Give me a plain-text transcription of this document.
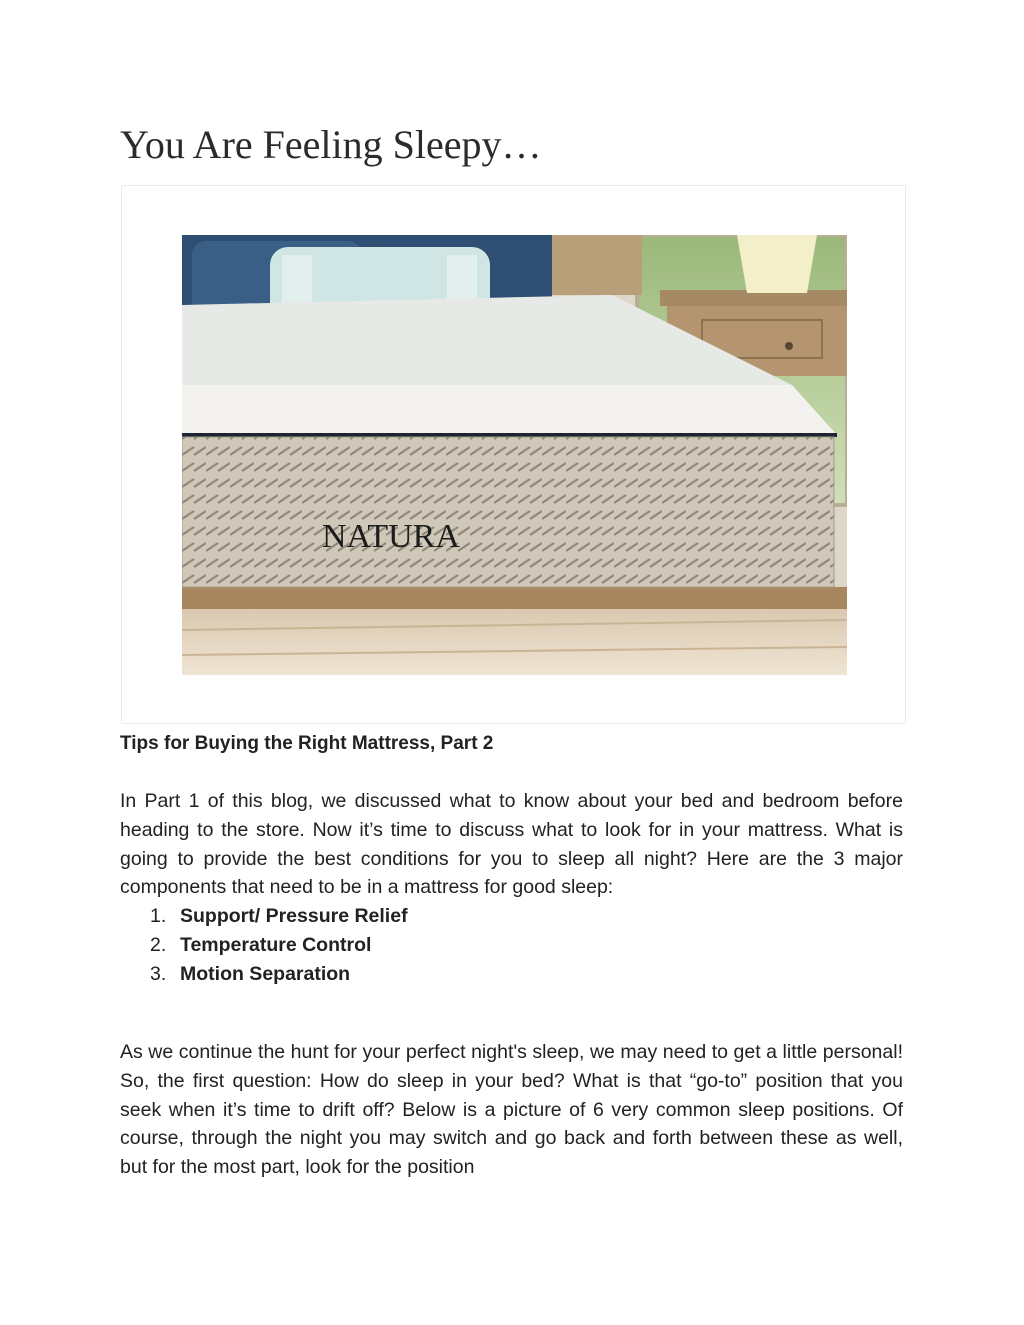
You Are Feeling Sleepy…
NATURA
Tips for Buying the Right Mattress, Part 2

In Part 1 of this blog, we discussed what to know about your bed and bedroom before heading to the store. Now it’s time to discuss what to look for in your mattress. What is going to provide the best conditions for you to sleep all night? Here are the 3 major components that need to be in a mattress for good sleep:

1. Support/ Pressure Relief
2. Temperature Control
3. Motion Separation

As we continue the hunt for your perfect night's sleep, we may need to get a little personal! So, the first question: How do sleep in your bed? What is that “go-to” position that you seek when it’s time to drift off? Below is a picture of 6 very common sleep positions. Of course, through the night you may switch and go back and forth between these as well, but for the most part, look for the position
